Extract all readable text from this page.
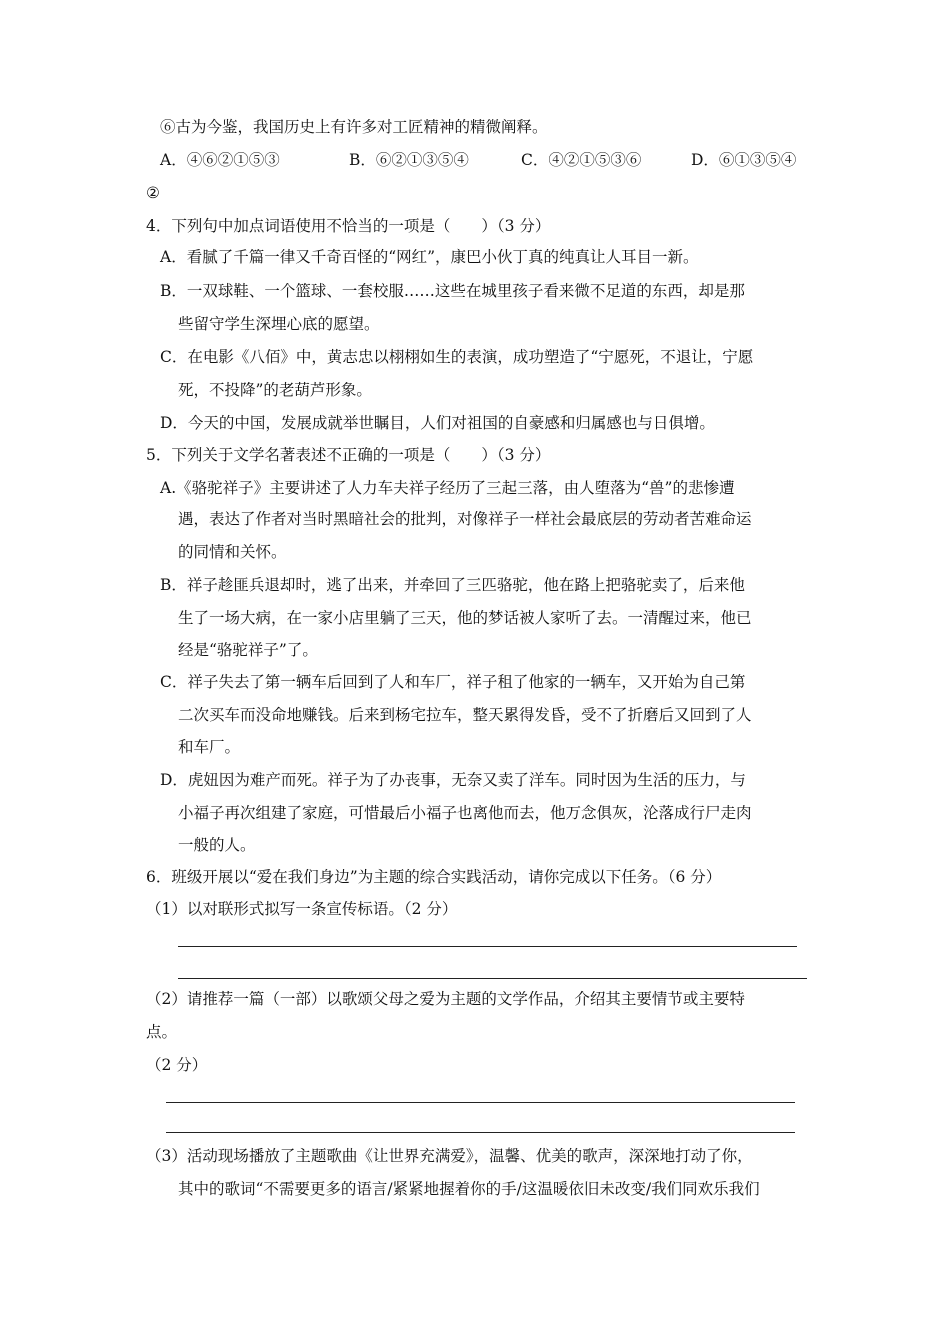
⑥古为今鉴，我国历史上有许多对工匠精神的精微阐释。
A．④⑥②①⑤③	B．⑥②①③⑤④	C．④②①⑤③⑥	D．⑥①③⑤④
②
4．下列句中加点词语使用不恰当的一项是（　　）（3 分）
A．看腻了千篇一律又千奇百怪的“网红”，康巴小伙丁真的纯真让人耳目一新。
B．一双球鞋、一个篮球、一套校服……这些在城里孩子看来微不足道的东西，却是那
些留守学生深埋心底的愿望。
C．在电影《八佰》中，黄志忠以栩栩如生的表演，成功塑造了“宁愿死，不退让，宁愿
死，不投降”的老葫芦形象。
D．今天的中国，发展成就举世瞩目，人们对祖国的自豪感和归属感也与日俱增。
5．下列关于文学名著表述不正确的一项是（　　）（3 分）
A.《骆驼祥子》主要讲述了人力车夫祥子经历了三起三落，由人堕落为“兽”的悲惨遭
遇，表达了作者对当时黑暗社会的批判，对像祥子一样社会最底层的劳动者苦难命运
的同情和关怀。
B．祥子趁匪兵退却时，逃了出来，并牵回了三匹骆驼，他在路上把骆驼卖了，后来他
生了一场大病，在一家小店里躺了三天，他的梦话被人家听了去。一清醒过来，他已
经是“骆驼祥子”了。
C．祥子失去了第一辆车后回到了人和车厂，祥子租了他家的一辆车，又开始为自己第
二次买车而没命地赚钱。后来到杨宅拉车，整天累得发昏，受不了折磨后又回到了人
和车厂。
D．虎妞因为难产而死。祥子为了办丧事，无奈又卖了洋车。同时因为生活的压力，与
小福子再次组建了家庭，可惜最后小福子也离他而去，他万念俱灰，沦落成行尸走肉
一般的人。
6．班级开展以“爱在我们身边”为主题的综合实践活动，请你完成以下任务。（6 分）
（1）以对联形式拟写一条宣传标语。（2 分）
（2）请推荐一篇（一部）以歌颂父母之爱为主题的文学作品，介绍其主要情节或主要特
点。
（2 分）
（3）活动现场播放了主题歌曲《让世界充满爱》，温馨、优美的歌声，深深地打动了你，
其中的歌词“不需要更多的语言/紧紧地握着你的手/这温暖依旧未改变/我们同欢乐我们
